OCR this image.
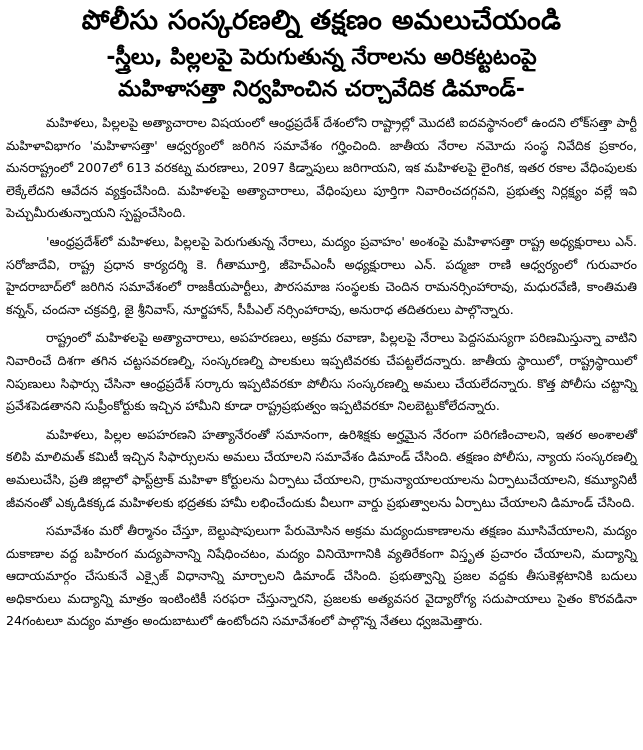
పోలీసు సంస్కరణల్ని తక్షణం అమలుచేయండి
-స్త్రీలు, పిల్లలపై పెరుగుతున్న నేరాలను అరికట్టటంపై
మహిళాసత్తా నిర్వహించిన చర్చావేదిక డిమాండ్-

మహిళలు, పిల్లలపై అత్యాచారాల విషయంలో ఆంధ్రప్రదేశ్ దేశంలోని రాష్ట్రాల్లో మొదటి ఐదవస్థానంలో ఉందని లోక్‌సత్తా పార్టీ మహిళావిభాగం 'మహిళాసత్తా' ఆధ్వర్యంలో జరిగిన సమావేశం గర్హించింది. జాతీయ నేరాల నమోదు సంస్థ నివేదిక ప్రకారం, మనరాష్ట్రంలో 2007లో 613 వరకట్న మరణాలు, 2097 కిడ్నాపులు జరిగాయని, ఇక మహిళలపై లైంగిక, ఇతర రకాల వేధింపులకు లెక్కేలేదని ఆవేదన వ్యక్తంచేసింది. మహిళలపై అత్యాచారాలు, వేధింపులు పూర్తిగా నివారించదగ్గవని, ప్రభుత్వ నిర్లక్ష్యం వల్లే ఇవి పెచ్చుమీరుతున్నాయని స్పష్టంచేసింది.

'ఆంధ్రప్రదేశ్‌లో మహిళలు, పిల్లలపై పెరుగుతున్న నేరాలు, మద్యం ప్రవాహం' అంశంపై మహిళాసత్తా రాష్ట్ర అధ్యక్షురాలు ఎన్. సరోజాదేవి, రాష్ట్ర ప్రధాన కార్యదర్శి కె. గీతామూర్తి, జీహెచ్ఎంసీ అధ్యక్షురాలు ఎన్. పద్మజా రాణి ఆధ్వర్యంలో గురువారం హైదరాబాద్‌లో జరిగిన సమావేశంలో రాజకీయపార్టీలు, పౌరసమాజ సంస్థలకు చెందిన రామనర్సింహారావు, మధురవేణి, కాంతిమతి కన్నన్, చందనా చక్రవర్తి, జై శ్రీనివాస్, నూర్జహాన్, సీపీఎల్ నర్సింహారావు, అనురాధ తదితరులు పాల్గొన్నారు.

రాష్ట్రంలో మహిళలపై అత్యాచారాలు, అపహరణలు, అక్రమ రవాణా, పిల్లలపై నేరాలు పెద్దసమస్యగా పరిణమిస్తున్నా వాటిని నివారించే దిశగా తగిన చట్టసవరణల్ని, సంస్కరణల్ని పాలకులు ఇప్పటివరకు చేపట్టలేదన్నారు. జాతీయ స్థాయిలో, రాష్ట్రస్థాయిలో నిపుణులు సిఫార్సు చేసినా ఆంధ్రప్రదేశ్ సర్కారు ఇప్పటివరకూ పోలీసు సంస్కరణల్ని అమలు చేయలేదన్నారు. కొత్త పోలీసు చట్టాన్ని ప్రవేశపెడతానని సుప్రీంకోర్టుకు ఇచ్చిన హామీని కూడా రాష్ట్రప్రభుత్వం ఇప్పటివరకూ నిలబెట్టుకోలేదన్నారు.

మహిళలు, పిల్లల అపహరణని హత్యానేరంతో సమానంగా, ఉరిశిక్షకు అర్హమైన నేరంగా పరిగణించాలని, ఇతర అంశాలతో కలిపి మాలిమత్ కమిటీ ఇచ్చిన సిఫార్సులను అమలు చేయాలని సమావేశం డిమాండ్ చేసింది. తక్షణం పోలీసు, న్యాయ సంస్కరణల్ని అమలుచేసి, ప్రతి జిల్లాలో ఫాస్ట్‌ట్రాక్ మహిళా కోర్టులను ఏర్పాటు చేయాలని, గ్రామన్యాయాలయాలను ఏర్పాటుచేయాలని, కమ్యూనిటీ జీవనంతో ఎక్కడికక్కడ మహిళలకు భద్రతకు హామీ లభించేందుకు వీలుగా వార్డు ప్రభుత్వాలను ఏర్పాటు చేయాలని డిమాండ్ చేసింది.

సమావేశం మరో తీర్మానం చేస్తూ, బెల్టుషాపులుగా పేరుమోసిన అక్రమ మద్యందుకాణాలను తక్షణం మూసివేయాలని, మద్యం దుకాణాల వద్ద బహిరంగ మద్యపానాన్ని నిషేధించటం, మద్యం వినియోగానికి వ్యతిరేకంగా విస్తృత ప్రచారం చేయాలని, మద్యాన్ని ఆదాయమార్గం చేసుకునే ఎక్సైజ్ విధానాన్ని మార్చాలని డిమాండ్ చేసింది. ప్రభుత్వాన్ని ప్రజల వద్దకు తీసుకెళ్లటానికి బదులు అధికారులు మద్యాన్ని మాత్రం ఇంటింటికీ సరఫరా చేస్తున్నారని, ప్రజలకు అత్యవసర వైద్యారోగ్య సదుపాయాలు సైతం కొరవడినా 24గంటలూ మద్యం మాత్రం అందుబాటులో ఉంటోందని సమావేశంలో పాల్గొన్న నేతలు ధ్వజమెత్తారు.
